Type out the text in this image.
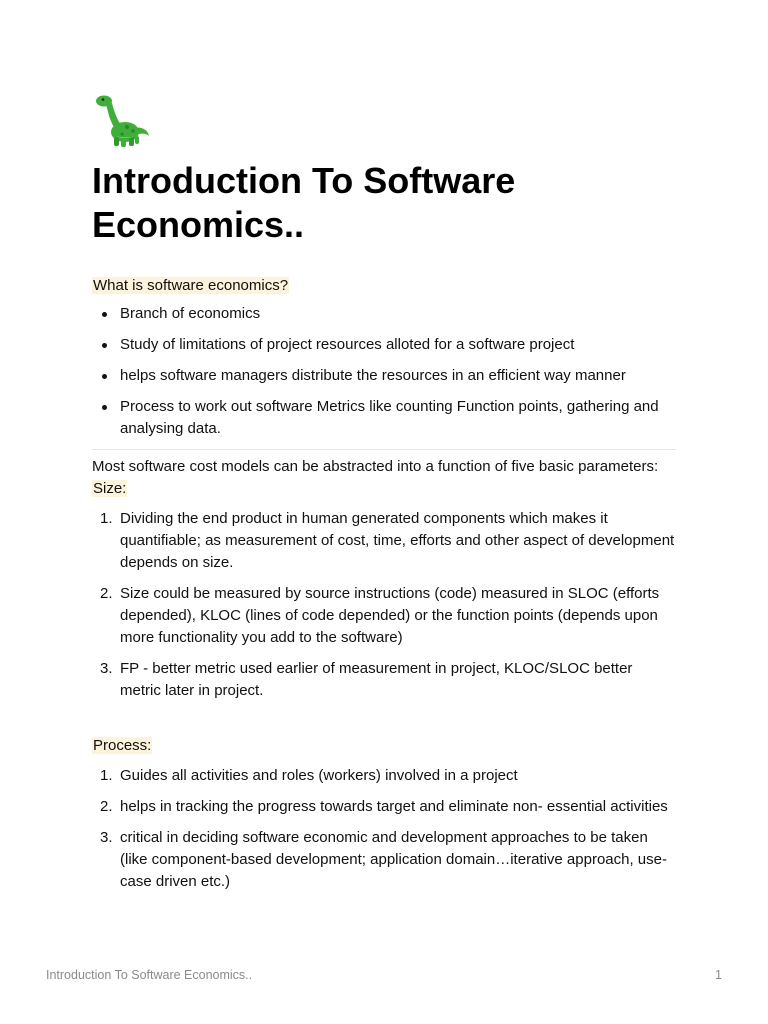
Introduction To Software Economics..
What is software economics?
Branch of economics
Study of limitations of project resources alloted for a software project
helps software managers distribute the resources in an efficient way manner
Process to work out software Metrics like counting Function points, gathering and analysing data.

Most software cost models can be abstracted into a function of five basic parameters:

Size:
1. Dividing the end product in human generated components which makes it quantifiable; as measurement of cost, time, efforts and other aspect of development depends on size.
2. Size could be measured by source instructions (code) measured in SLOC (efforts depended), KLOC (lines of code depended) or the function points (depends upon more functionality you add to the software)
3. FP - better metric used earlier of measurement in project, KLOC/SLOC better metric later in project.
Process:
1. Guides all activities and roles (workers) involved in a project
2. helps in tracking the progress towards target and eliminate non- essential activities
3. critical in deciding software economic and development approaches to be taken (like component-based development; application domain…iterative approach, use-case driven etc.)
Introduction To Software Economics..	1
